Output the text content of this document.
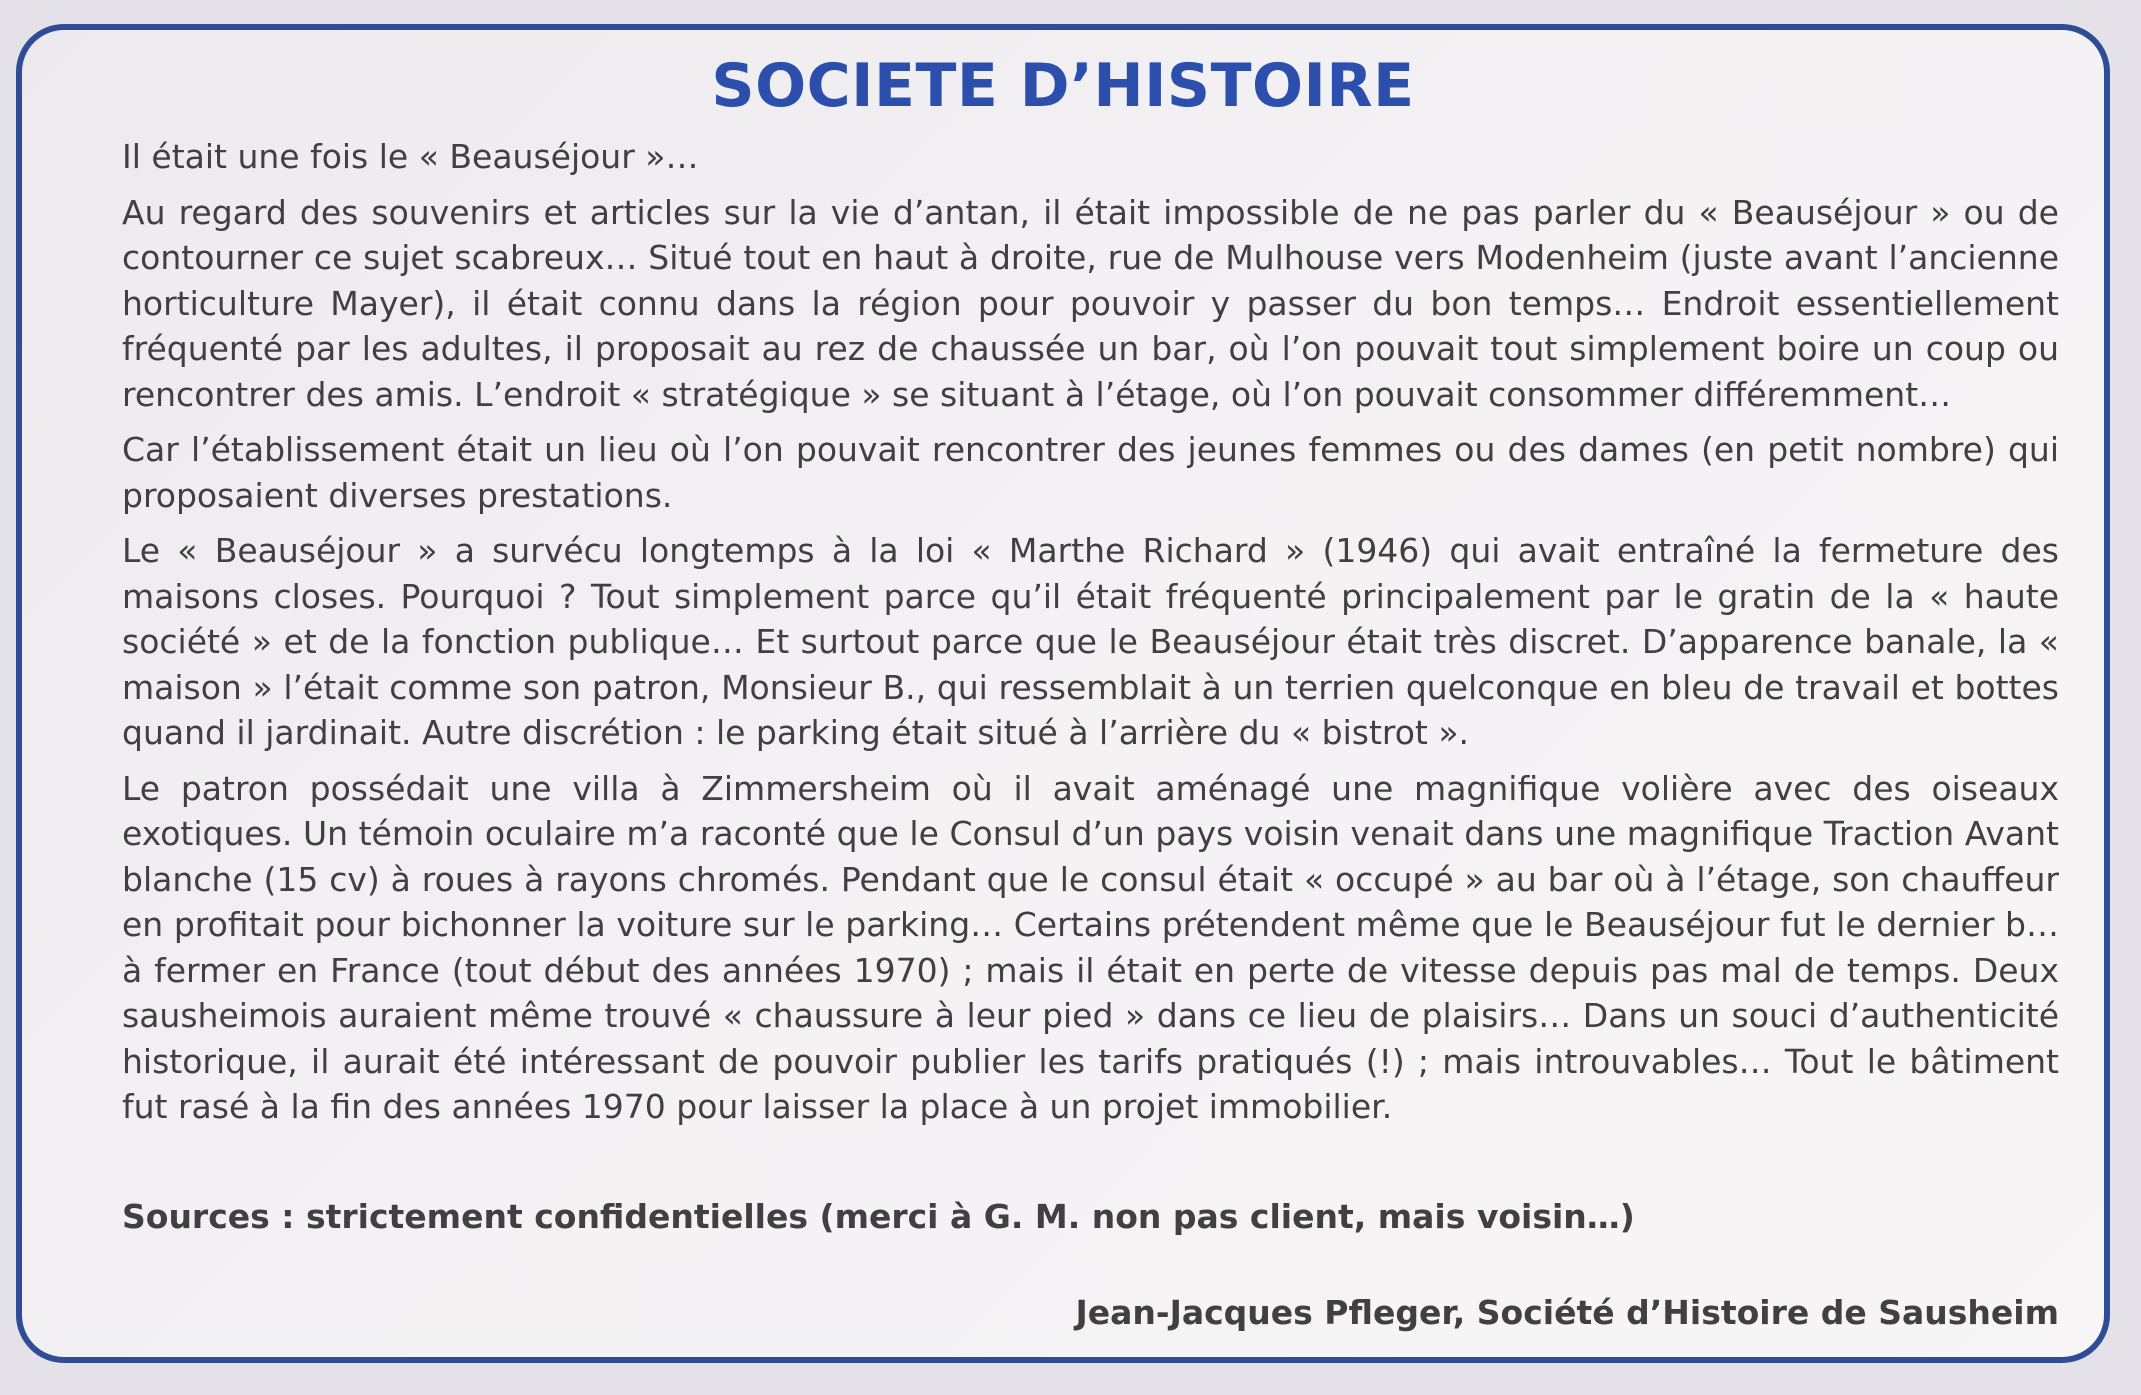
SOCIETE D’HISTOIRE

Il était une fois le « Beauséjour »…

Au regard des souvenirs et articles sur la vie d’antan, il était impossible de ne pas parler du « Beauséjour » ou de contourner ce sujet scabreux… Situé tout en haut à droite, rue de Mulhouse vers Modenheim (juste avant l’ancienne horticulture Mayer), il était connu dans la région pour pouvoir y passer du bon temps… Endroit essentiellement fréquenté par les adultes, il proposait au rez de chaussée un bar, où l’on pouvait tout simplement boire un coup ou rencontrer des amis. L’endroit « stratégique » se situant à l’étage, où l’on pouvait consommer différemment…

Car l’établissement était un lieu où l’on pouvait rencontrer des jeunes femmes ou des dames (en petit nombre) qui proposaient diverses prestations.

Le « Beauséjour » a survécu longtemps à la loi « Marthe Richard » (1946) qui avait entraîné la fermeture des maisons closes. Pourquoi ? Tout simplement parce qu’il était fréquenté principalement par le gratin de la « haute société » et de la fonction publique… Et surtout parce que le Beauséjour était très discret. D’apparence banale, la « maison » l’était comme son patron, Monsieur B., qui ressemblait à un terrien quelconque en bleu de travail et bottes quand il jardinait. Autre discrétion : le parking était situé à l’arrière du « bistrot ».

Le patron possédait une villa à Zimmersheim où il avait aménagé une magnifique volière avec des oiseaux exotiques. Un témoin oculaire m’a raconté que le Consul d’un pays voisin venait dans une magnifique Traction Avant blanche (15 cv) à roues à rayons chromés. Pendant que le consul était « occupé » au bar où à l’étage, son chauffeur en profitait pour bichonner la voiture sur le parking… Certains prétendent même que le Beauséjour fut le dernier b… à fermer en France (tout début des années 1970) ; mais il était en perte de vitesse depuis pas mal de temps. Deux sausheimois auraient même trouvé « chaussure à leur pied » dans ce lieu de plaisirs… Dans un souci d’authenticité historique, il aurait été intéressant de pouvoir publier les tarifs pratiqués (!) ; mais introuvables… Tout le bâtiment fut rasé à la fin des années 1970 pour laisser la place à un projet immobilier.

Sources : strictement confidentielles (merci à G. M. non pas client, mais voisin…)

Jean-Jacques Pfleger, Société d’Histoire de Sausheim
